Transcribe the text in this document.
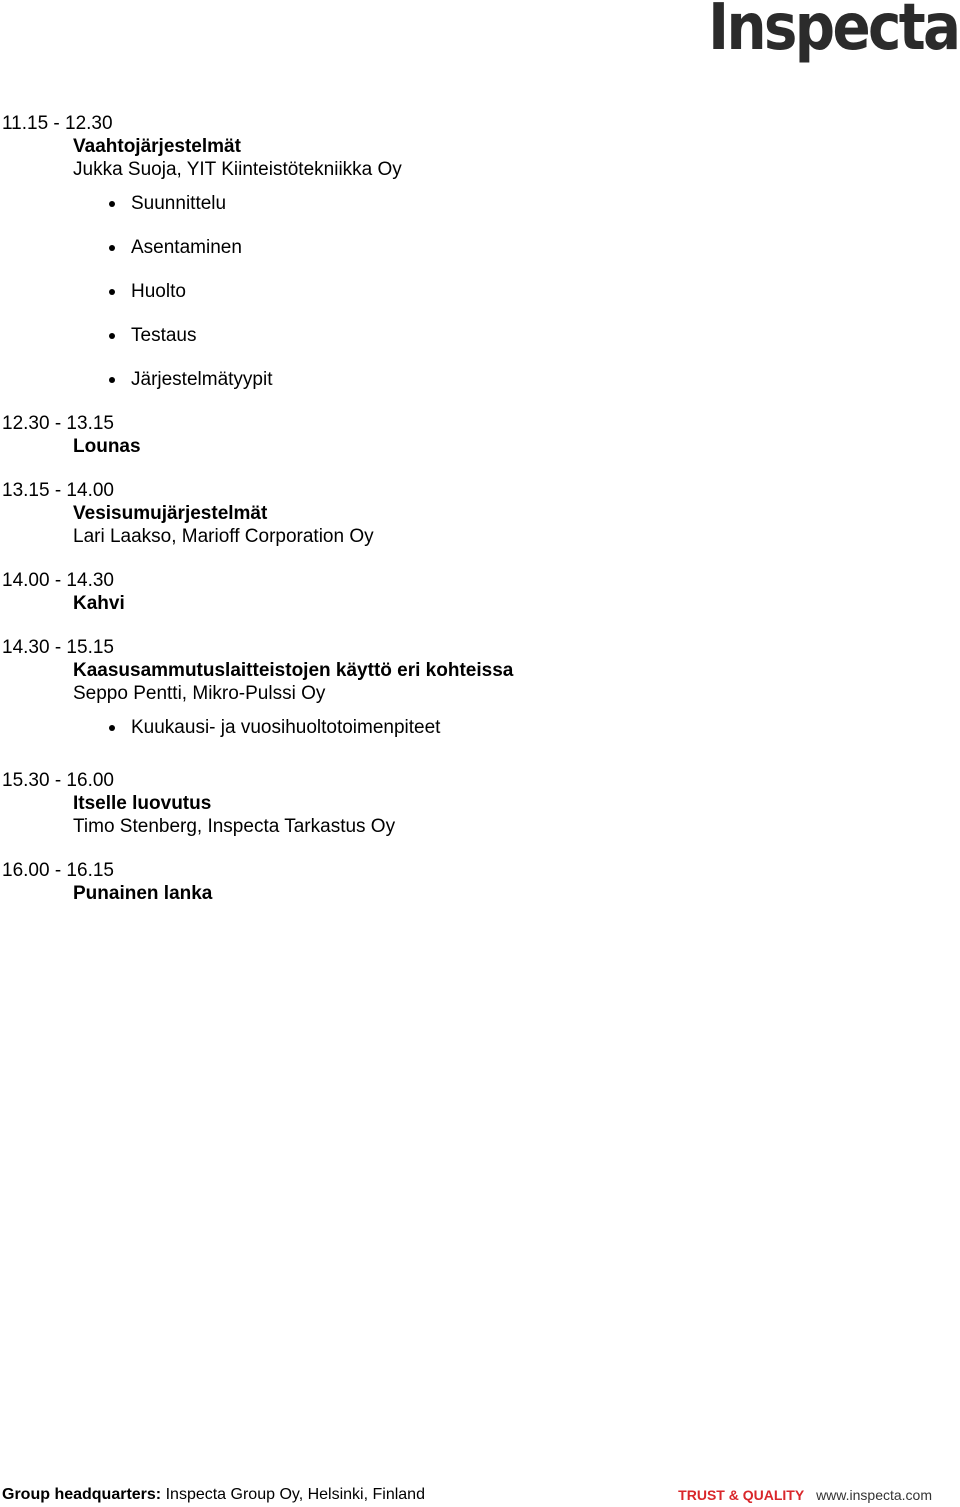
Inspecta
11.15 - 12.30
Vaahtojärjestelmät
Jukka Suoja, YIT Kiinteistötekniikka Oy
Suunnittelu
Asentaminen
Huolto
Testaus
Järjestelmätyypit
12.30 - 13.15
Lounas
13.15 - 14.00
Vesisumujärjestelmät
Lari Laakso, Marioff Corporation Oy
14.00 - 14.30
Kahvi
14.30 - 15.15
Kaasusammutuslaitteistojen käyttö eri kohteissa
Seppo Pentti, Mikro-Pulssi Oy
Kuukausi- ja vuosihuoltotoimenpiteet
15.30 - 16.00
Itselle luovutus
Timo Stenberg, Inspecta Tarkastus Oy
16.00 - 16.15
Punainen lanka
Group headquarters: Inspecta Group Oy, Helsinki, Finland	TRUST & QUALITY www.inspecta.com
